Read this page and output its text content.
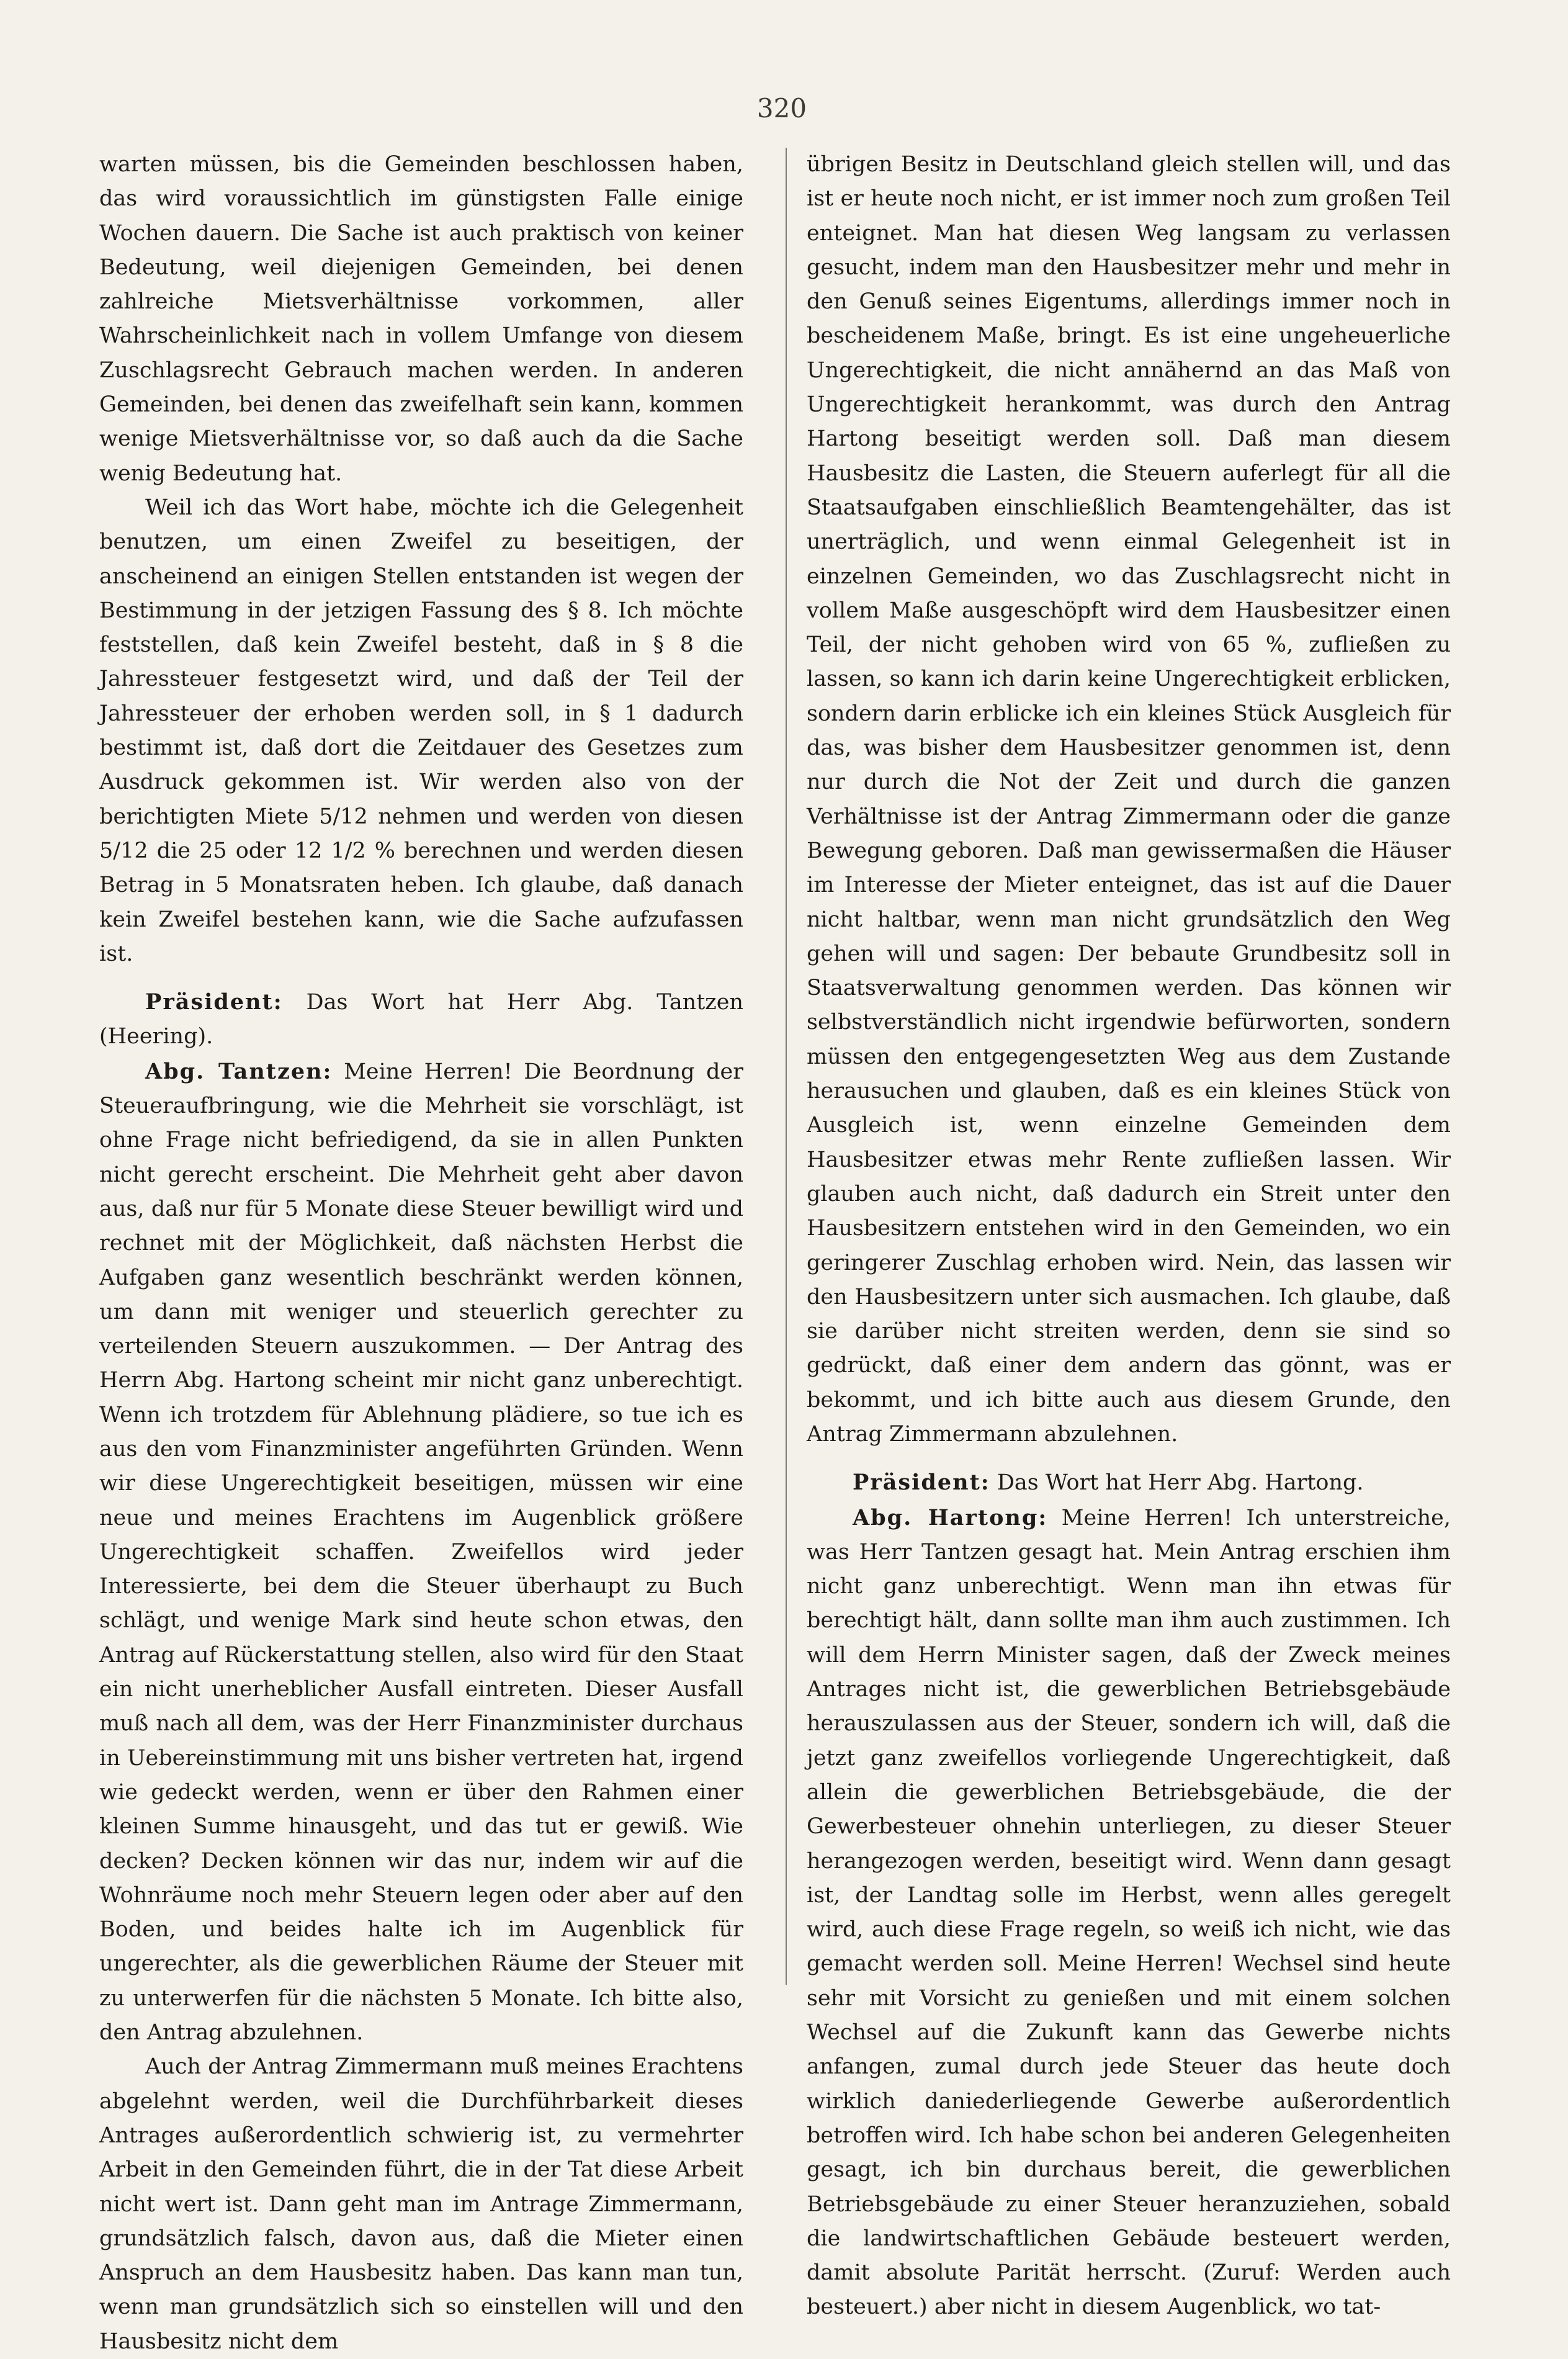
320

warten müssen, bis die Gemeinden beschlossen haben, das wird voraussichtlich im günstigsten Falle einige Wochen dauern. Die Sache ist auch praktisch von keiner Bedeutung, weil diejenigen Gemeinden, bei denen zahlreiche Mietsverhältnisse vorkommen, aller Wahrscheinlichkeit nach in vollem Umfange von diesem Zuschlagsrecht Gebrauch machen werden. In anderen Gemeinden, bei denen das zweifelhaft sein kann, kommen wenige Mietsverhältnisse vor, so daß auch da die Sache wenig Bedeutung hat.

Weil ich das Wort habe, möchte ich die Gelegenheit benutzen, um einen Zweifel zu beseitigen, der anscheinend an einigen Stellen entstanden ist wegen der Bestimmung in der jetzigen Fassung des § 8. Ich möchte feststellen, daß kein Zweifel besteht, daß in § 8 die Jahressteuer festgesetzt wird, und daß der Teil der Jahressteuer der erhoben werden soll, in § 1 dadurch bestimmt ist, daß dort die Zeitdauer des Gesetzes zum Ausdruck gekommen ist. Wir werden also von der berichtigten Miete 5/12 nehmen und werden von diesen 5/12 die 25 oder 12 1/2 % berechnen und werden diesen Betrag in 5 Monatsraten heben. Ich glaube, daß danach kein Zweifel bestehen kann, wie die Sache aufzufassen ist.

Präsident: Das Wort hat Herr Abg. Tantzen (Heering).

Abg. Tantzen: Meine Herren! Die Beordnung der Steueraufbringung, wie die Mehrheit sie vorschlägt, ist ohne Frage nicht befriedigend, da sie in allen Punkten nicht gerecht erscheint. Die Mehrheit geht aber davon aus, daß nur für 5 Monate diese Steuer bewilligt wird und rechnet mit der Möglichkeit, daß nächsten Herbst die Aufgaben ganz wesentlich beschränkt werden können, um dann mit weniger und steuerlich gerechter zu verteilenden Steuern auszukommen. — Der Antrag des Herrn Abg. Hartong scheint mir nicht ganz unberechtigt. Wenn ich trotzdem für Ablehnung plädiere, so tue ich es aus den vom Finanzminister angeführten Gründen. Wenn wir diese Ungerechtigkeit beseitigen, müssen wir eine neue und meines Erachtens im Augenblick größere Ungerechtigkeit schaffen. Zweifellos wird jeder Interessierte, bei dem die Steuer überhaupt zu Buch schlägt, und wenige Mark sind heute schon etwas, den Antrag auf Rückerstattung stellen, also wird für den Staat ein nicht unerheblicher Ausfall eintreten. Dieser Ausfall muß nach all dem, was der Herr Finanzminister durchaus in Uebereinstimmung mit uns bisher vertreten hat, irgend wie gedeckt werden, wenn er über den Rahmen einer kleinen Summe hinausgeht, und das tut er gewiß. Wie decken? Decken können wir das nur, indem wir auf die Wohnräume noch mehr Steuern legen oder aber auf den Boden, und beides halte ich im Augenblick für ungerechter, als die gewerblichen Räume der Steuer mit zu unterwerfen für die nächsten 5 Monate. Ich bitte also, den Antrag abzulehnen.

Auch der Antrag Zimmermann muß meines Erachtens abgelehnt werden, weil die Durchführbarkeit dieses Antrages außerordentlich schwierig ist, zu vermehrter Arbeit in den Gemeinden führt, die in der Tat diese Arbeit nicht wert ist. Dann geht man im Antrage Zimmermann, grundsätzlich falsch, davon aus, daß die Mieter einen Anspruch an dem Hausbesitz haben. Das kann man tun, wenn man grundsätzlich sich so einstellen will und den Hausbesitz nicht dem

übrigen Besitz in Deutschland gleich stellen will, und das ist er heute noch nicht, er ist immer noch zum großen Teil enteignet. Man hat diesen Weg langsam zu verlassen gesucht, indem man den Hausbesitzer mehr und mehr in den Genuß seines Eigentums, allerdings immer noch in bescheidenem Maße, bringt. Es ist eine ungeheuerliche Ungerechtigkeit, die nicht annähernd an das Maß von Ungerechtigkeit herankommt, was durch den Antrag Hartong beseitigt werden soll. Daß man diesem Hausbesitz die Lasten, die Steuern auferlegt für all die Staatsaufgaben einschließlich Beamtengehälter, das ist unerträglich, und wenn einmal Gelegenheit ist in einzelnen Gemeinden, wo das Zuschlagsrecht nicht in vollem Maße ausgeschöpft wird dem Hausbesitzer einen Teil, der nicht gehoben wird von 65 %, zufließen zu lassen, so kann ich darin keine Ungerechtigkeit erblicken, sondern darin erblicke ich ein kleines Stück Ausgleich für das, was bisher dem Hausbesitzer genommen ist, denn nur durch die Not der Zeit und durch die ganzen Verhältnisse ist der Antrag Zimmermann oder die ganze Bewegung geboren. Daß man gewissermaßen die Häuser im Interesse der Mieter enteignet, das ist auf die Dauer nicht haltbar, wenn man nicht grundsätzlich den Weg gehen will und sagen: Der bebaute Grundbesitz soll in Staatsverwaltung genommen werden. Das können wir selbstverständlich nicht irgendwie befürworten, sondern müssen den entgegengesetzten Weg aus dem Zustande herausuchen und glauben, daß es ein kleines Stück von Ausgleich ist, wenn einzelne Gemeinden dem Hausbesitzer etwas mehr Rente zufließen lassen. Wir glauben auch nicht, daß dadurch ein Streit unter den Hausbesitzern entstehen wird in den Gemeinden, wo ein geringerer Zuschlag erhoben wird. Nein, das lassen wir den Hausbesitzern unter sich ausmachen. Ich glaube, daß sie darüber nicht streiten werden, denn sie sind so gedrückt, daß einer dem andern das gönnt, was er bekommt, und ich bitte auch aus diesem Grunde, den Antrag Zimmermann abzulehnen.

Präsident: Das Wort hat Herr Abg. Hartong.

Abg. Hartong: Meine Herren! Ich unterstreiche, was Herr Tantzen gesagt hat. Mein Antrag erschien ihm nicht ganz unberechtigt. Wenn man ihn etwas für berechtigt hält, dann sollte man ihm auch zustimmen. Ich will dem Herrn Minister sagen, daß der Zweck meines Antrages nicht ist, die gewerblichen Betriebsgebäude herauszulassen aus der Steuer, sondern ich will, daß die jetzt ganz zweifellos vorliegende Ungerechtigkeit, daß allein die gewerblichen Betriebsgebäude, die der Gewerbesteuer ohnehin unterliegen, zu dieser Steuer herangezogen werden, beseitigt wird. Wenn dann gesagt ist, der Landtag solle im Herbst, wenn alles geregelt wird, auch diese Frage regeln, so weiß ich nicht, wie das gemacht werden soll. Meine Herren! Wechsel sind heute sehr mit Vorsicht zu genießen und mit einem solchen Wechsel auf die Zukunft kann das Gewerbe nichts anfangen, zumal durch jede Steuer das heute doch wirklich daniederliegende Gewerbe außerordentlich betroffen wird. Ich habe schon bei anderen Gelegenheiten gesagt, ich bin durchaus bereit, die gewerblichen Betriebsgebäude zu einer Steuer heranzuziehen, sobald die landwirtschaftlichen Gebäude besteuert werden, damit absolute Parität herrscht. (Zuruf: Werden auch besteuert.) aber nicht in diesem Augenblick, wo tat-
